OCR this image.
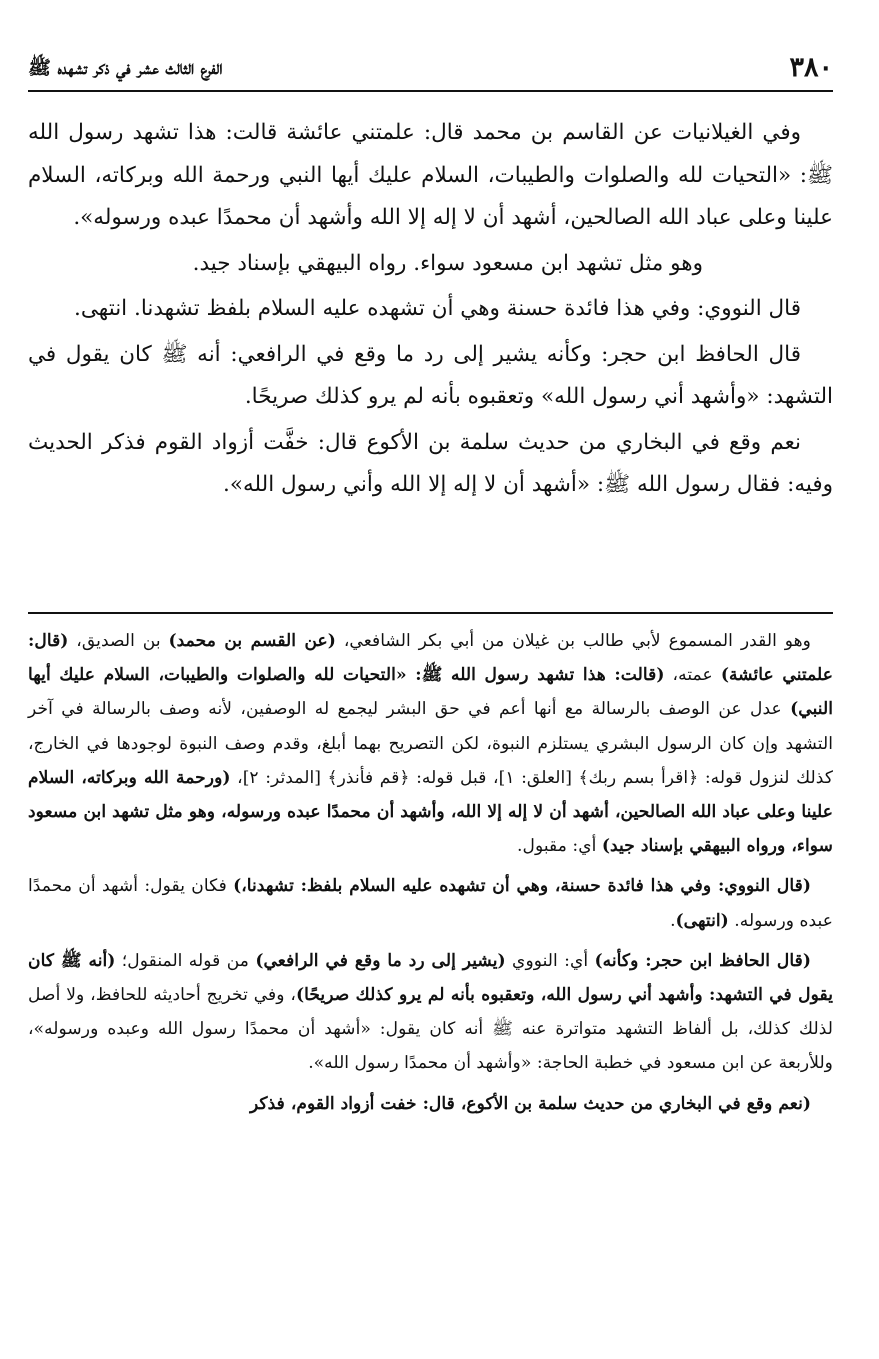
٣٨٠
الفرع الثالث عشر في ذكر تشهده ﷺ

وفي الغيلانيات عن القاسم بن محمد قال: علمتني عائشة قالت: هذا تشهد رسول الله ﷺ: «التحيات لله والصلوات والطيبات، السلام عليك أيها النبي ورحمة الله وبركاته، السلام علينا وعلى عباد الله الصالحين، أشهد أن لا إله إلا الله وأشهد أن محمدًا عبده ورسوله».

وهو مثل تشهد ابن مسعود سواء. رواه البيهقي بإسناد جيد.

قال النووي: وفي هذا فائدة حسنة وهي أن تشهده عليه السلام بلفظ تشهدنا. انتهى.

قال الحافظ ابن حجر: وكأنه يشير إلى رد ما وقع في الرافعي: أنه ﷺ كان يقول في التشهد: «وأشهد أني رسول الله» وتعقبوه بأنه لم يرو كذلك صريحًا.

نعم وقع في البخاري من حديث سلمة بن الأكوع قال: خفَّت أزواد القوم فذكر الحديث وفيه: فقال رسول الله ﷺ: «أشهد أن لا إله إلا الله وأني رسول الله».

وهو القدر المسموع لأبي طالب بن غيلان من أبي بكر الشافعي، (عن القسم بن محمد) بن الصديق، (قال: علمتني عائشة) عمته، (قالت: هذا تشهد رسول الله ﷺ: «التحيات لله والصلوات والطيبات، السلام عليك أيها النبي) عدل عن الوصف بالرسالة مع أنها أعم في حق البشر ليجمع له الوصفين، لأنه وصف بالرسالة في آخر التشهد وإن كان الرسول البشري يستلزم النبوة، لكن التصريح بهما أبلغ، وقدم وصف النبوة لوجودها في الخارج، كذلك لنزول قوله: ﴿اقرأ بسم ربك﴾ [العلق: ١]، قبل قوله: ﴿قم فأنذر﴾ [المدثر: ٢]، (ورحمة الله وبركاته، السلام علينا وعلى عباد الله الصالحين، أشهد أن لا إله إلا الله، وأشهد أن محمدًا عبده ورسوله، وهو مثل تشهد ابن مسعود سواء، ورواه البيهقي بإسناد جيد) أي: مقبول.

(قال النووي: وفي هذا فائدة حسنة، وهي أن تشهده عليه السلام بلفظ: تشهدنا،) فكان يقول: أشهد أن محمدًا عبده ورسوله. (انتهى).

(قال الحافظ ابن حجر: وكأنه) أي: النووي (يشير إلى رد ما وقع في الرافعي) من قوله المنقول؛ (أنه ﷺ كان يقول في التشهد: وأشهد أني رسول الله، وتعقبوه بأنه لم يرو كذلك صريحًا)، وفي تخريج أحاديثه للحافظ، ولا أصل لذلك كذلك، بل ألفاظ التشهد متواترة عنه ﷺ أنه كان يقول: «أشهد أن محمدًا رسول الله وعبده ورسوله»، وللأربعة عن ابن مسعود في خطبة الحاجة: «وأشهد أن محمدًا رسول الله».

(نعم وقع في البخاري من حديث سلمة بن الأكوع، قال: خفت أزواد القوم، فذكر
